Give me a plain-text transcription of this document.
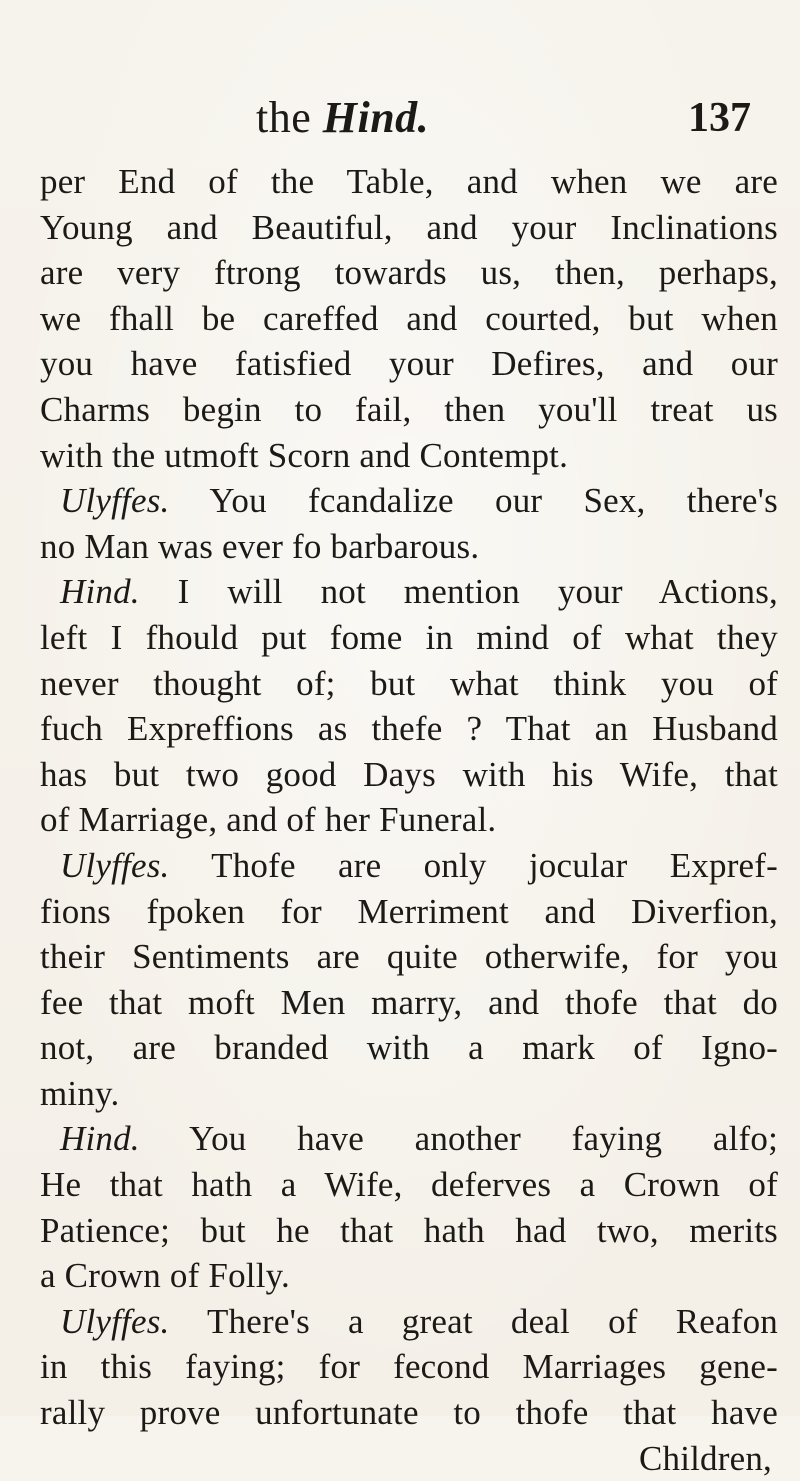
the Hind.	137
per End of the Table, and when we are
Young and Beautiful, and your Inclinations
are very ftrong towards us, then, perhaps,
we fhall be careffed and courted, but when
you have fatisfied your Defires, and our
Charms begin to fail, then you'll treat us
with the utmoft Scorn and Contempt.
Ulyffes. You fcandalize our Sex, there's
no Man was ever fo barbarous.
Hind. I will not mention your Actions,
left I fhould put fome in mind of what they
never thought of; but what think you of
fuch Expreffions as thefe ? That an Husband
has but two good Days with his Wife, that
of Marriage, and of her Funeral.
Ulyffes. Thofe are only jocular Expref-
fions fpoken for Merriment and Diverfion,
their Sentiments are quite otherwife, for you
fee that moft Men marry, and thofe that do
not, are branded with a mark of Igno-
miny.
Hind. You have another faying alfo;
He that hath a Wife, deferves a Crown of
Patience; but he that hath had two, merits
a Crown of Folly.
Ulyffes. There's a great deal of Reafon
in this faying; for fecond Marriages gene-
rally prove unfortunate to thofe that have
Children,
